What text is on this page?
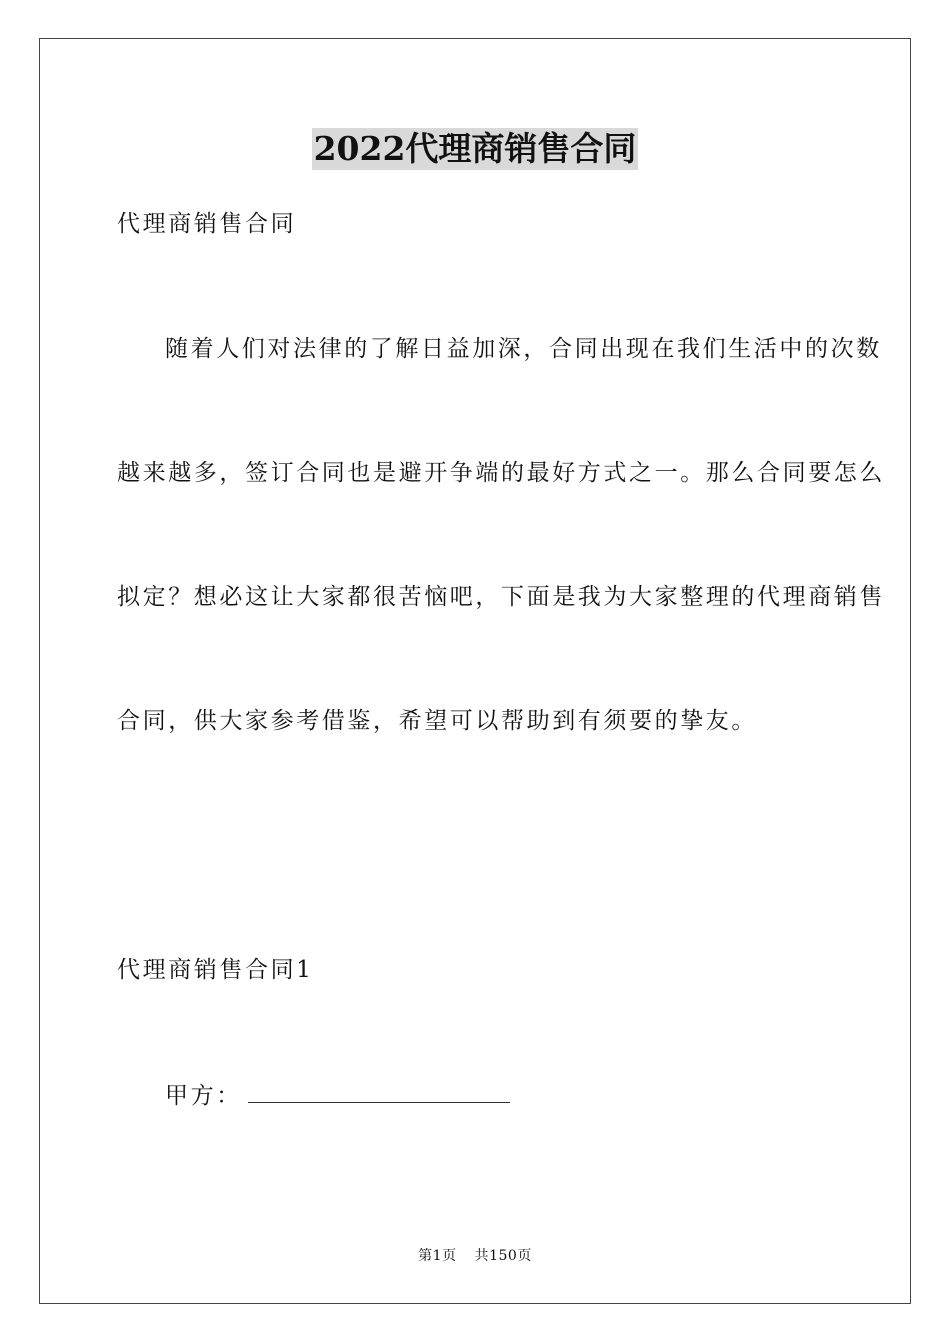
2022代理商销售合同
代理商销售合同
随着人们对法律的了解日益加深，合同出现在我们生活中的次数
越来越多，签订合同也是避开争端的最好方式之一。那么合同要怎么
拟定？想必这让大家都很苦恼吧，下面是我为大家整理的代理商销售
合同，供大家参考借鉴，希望可以帮助到有须要的挚友。
代理商销售合同1
甲方：
第1页 共150页
